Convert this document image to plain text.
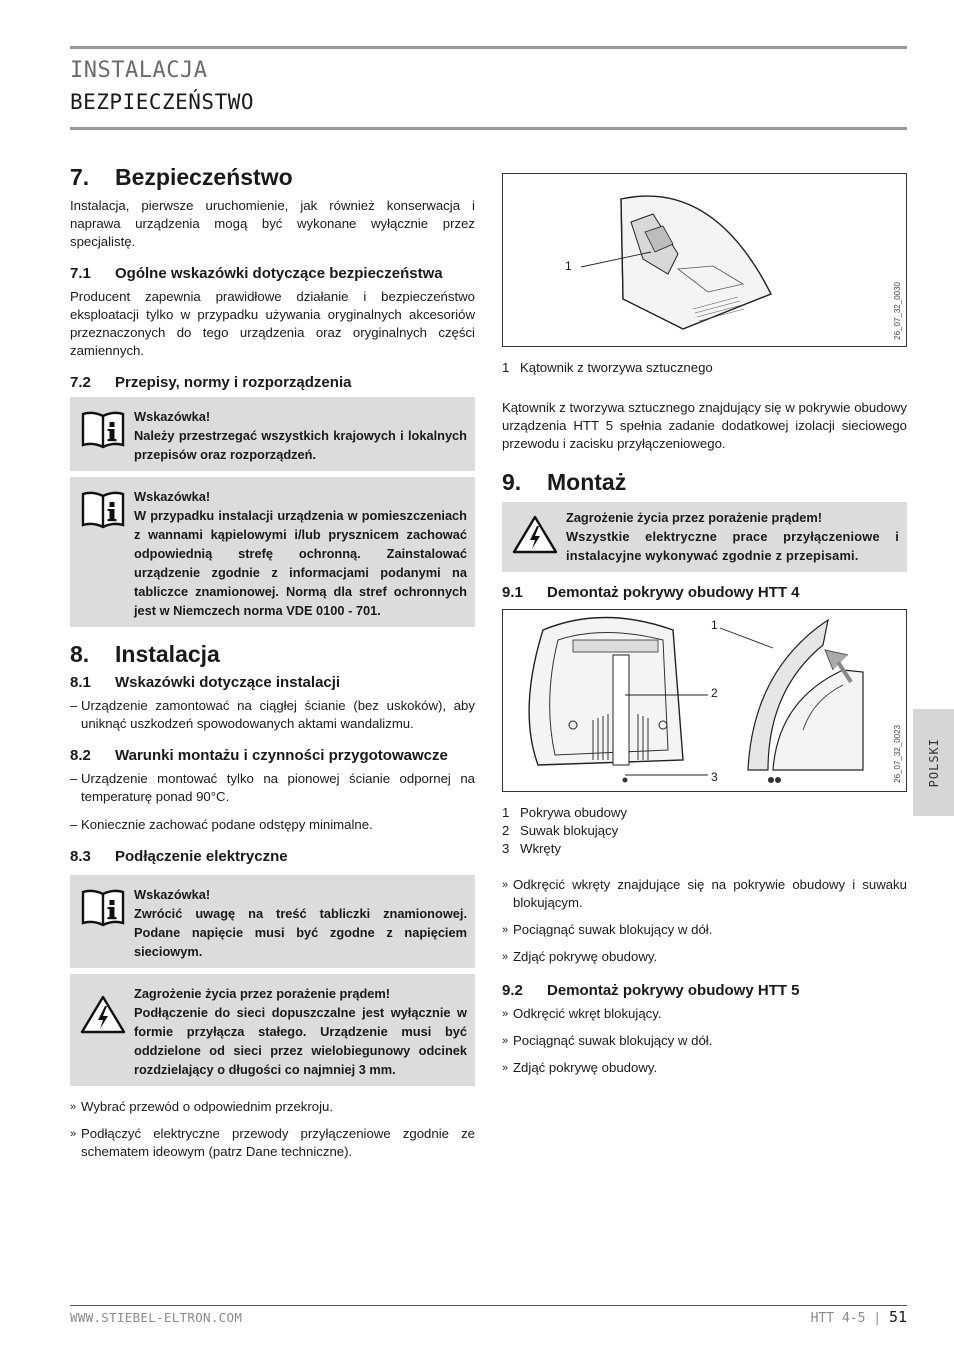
INSTALACJA
BEZPIECZEŃSTWO
7.	Bezpieczeństwo

Instalacja, pierwsze uruchomienie, jak również konserwacja i naprawa urządzenia mogą być wykonane wyłącznie przez specjalistę.

7.1	Ogólne wskazówki dotyczące bezpieczeństwa

Producent zapewnia prawidłowe działanie i bezpieczeństwo eksploatacji tylko w przypadku używania oryginalnych akcesoriów przeznaczonych do tego urządzenia oraz oryginalnych części zamiennych.

7.2	Przepisy, normy i rozporządzenia
Wskazówka!
Należy przestrzegać wszystkich krajowych i lokalnych przepisów oraz rozporządzeń.
Wskazówka!
W przypadku instalacji urządzenia w pomieszczeniach z wannami kąpielowymi i/lub prysznicem zachować odpowiednią strefę ochronną. Zainstalować urządzenie zgodnie z informacjami podanymi na tabliczce znamionowej. Normą dla stref ochronnych jest w Niemczech norma VDE 0100 - 701.
8.	Instalacja
8.1	Wskazówki dotyczące instalacji
– Urządzenie zamontować na ciągłej ścianie (bez uskoków), aby uniknąć uszkodzeń spowodowanych aktami wandalizmu.
8.2	Warunki montażu i czynności przygotowawcze
– Urządzenie montować tylko na pionowej ścianie odpornej na temperaturę ponad 90°C.
– Koniecznie zachować podane odstępy minimalne.
8.3	Podłączenie elektryczne
Wskazówka!
Zwrócić uwagę na treść tabliczki znamionowej. Podane napięcie musi być zgodne z napięciem sieciowym.
Zagrożenie życia przez porażenie prądem!
Podłączenie do sieci dopuszczalne jest wyłącznie w formie przyłącza stałego. Urządzenie musi być oddzielone od sieci przez wielobiegunowy odcinek rozdzielający o długości co najmniej 3 mm.
» Wybrać przewód o odpowiednim przekroju.
» Podłączyć elektryczne przewody przyłączeniowe zgodnie ze schematem ideowym (patrz Dane techniczne).
1
26_07_32_0030
1 Kątownik z tworzywa sztucznego

Kątownik z tworzywa sztucznego znajdujący się w pokrywie obudowy urządzenia HTT 5 spełnia zadanie dodatkowej izolacji sieciowego przewodu i zacisku przyłączeniowego.

9.	Montaż
Zagrożenie życia przez porażenie prądem!
Wszystkie elektryczne prace przyłączeniowe i instalacyjne wykonywać zgodnie z przepisami.
9.1	Demontaż pokrywy obudowy HTT 4
1
2
3	26_07_32_0023
1 Pokrywa obudowy
2 Suwak blokujący
3 Wkręty
» Odkręcić wkręty znajdujące się na pokrywie obudowy i suwaku blokującym.
» Pociągnąć suwak blokujący w dół.
» Zdjąć pokrywę obudowy.
9.2	Demontaż pokrywy obudowy HTT 5
» Odkręcić wkręt blokujący.
» Pociągnąć suwak blokujący w dół.
» Zdjąć pokrywę obudowy.
POLSKI
WWW.STIEBEL-ELTRON.COM	HTT 4-5 | 51
